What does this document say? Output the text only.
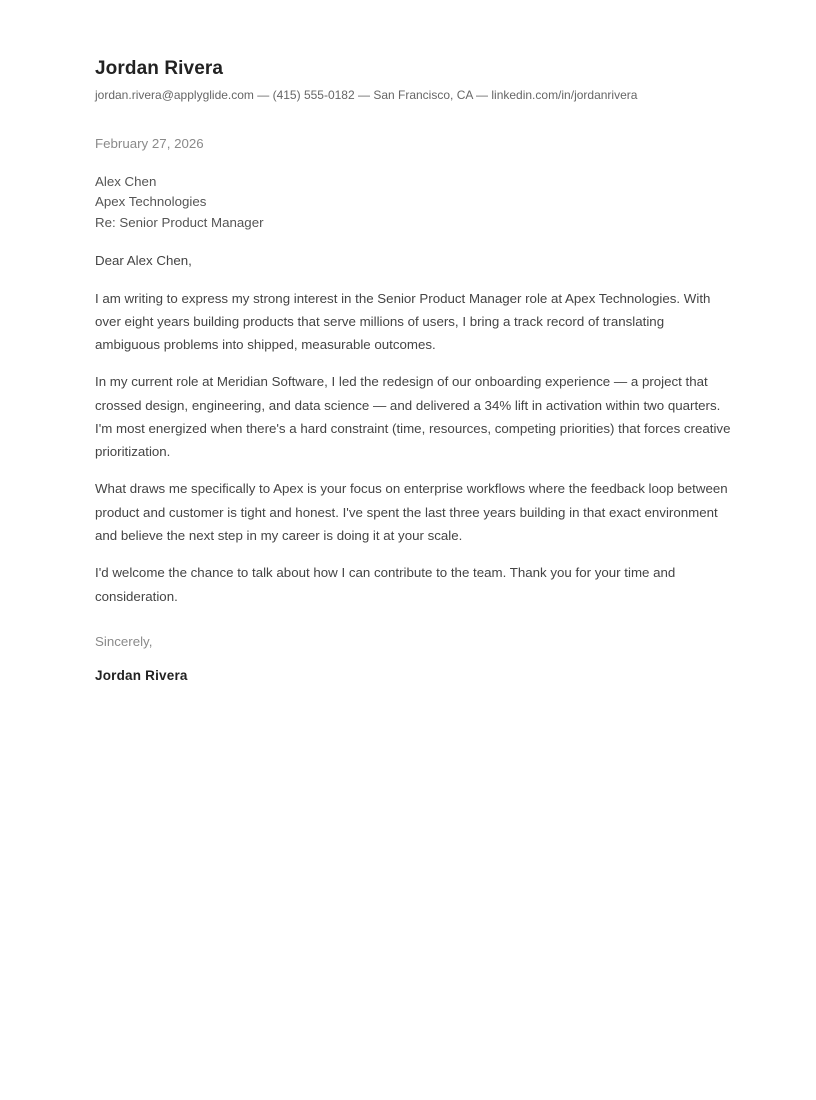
Jordan Rivera

jordan.rivera@applyglide.com — (415) 555-0182 — San Francisco, CA — linkedin.com/in/jordanrivera

February 27, 2026

Alex Chen

Apex Technologies

Re: Senior Product Manager

Dear Alex Chen,

I am writing to express my strong interest in the Senior Product Manager role at Apex Technologies. With over eight years building products that serve millions of users, I bring a track record of translating ambiguous problems into shipped, measurable outcomes.

In my current role at Meridian Software, I led the redesign of our onboarding experience — a project that crossed design, engineering, and data science — and delivered a 34% lift in activation within two quarters. I'm most energized when there's a hard constraint (time, resources, competing priorities) that forces creative prioritization.

What draws me specifically to Apex is your focus on enterprise workflows where the feedback loop between product and customer is tight and honest. I've spent the last three years building in that exact environment and believe the next step in my career is doing it at your scale.

I'd welcome the chance to talk about how I can contribute to the team. Thank you for your time and consideration.

Sincerely,

Jordan Rivera
